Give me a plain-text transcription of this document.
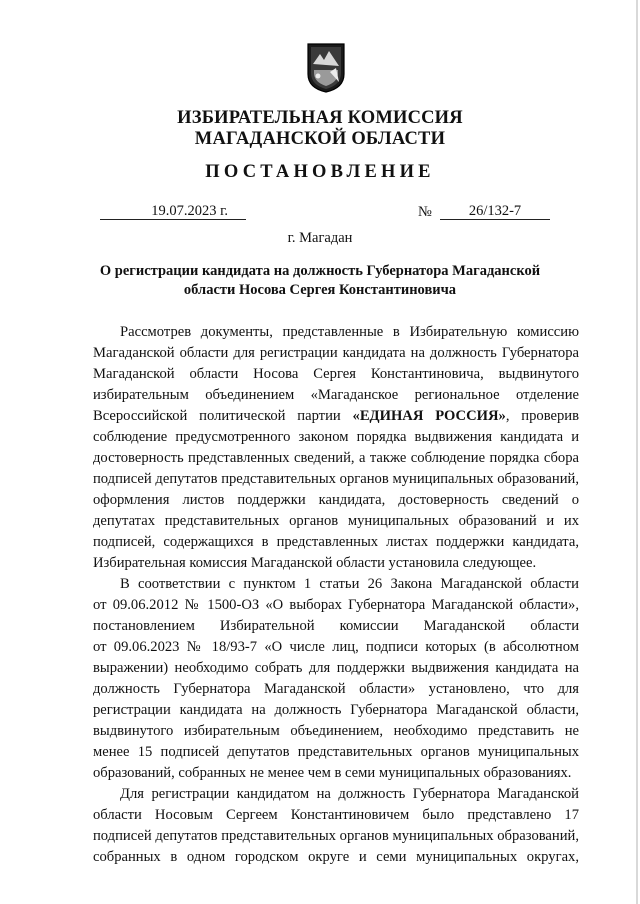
ИЗБИРАТЕЛЬНАЯ КОМИССИЯ
МАГАДАНСКОЙ ОБЛАСТИ
ПОСТАНОВЛЕНИЕ
19.07.2023 г.	№	26/132-7
г. Магадан
О регистрации кандидата на должность Губернатора Магаданской
области Носова Сергея Константиновича
Рассмотрев документы, представленные в Избирательную комиссию
Магаданской области для регистрации кандидата на должность Губернатора
Магаданской области Носова Сергея Константиновича, выдвинутого
избирательным объединением «Магаданское региональное отделение
Всероссийской политической партии «ЕДИНАЯ РОССИЯ», проверив
соблюдение предусмотренного законом порядка выдвижения кандидата и
достоверность представленных сведений, а также соблюдение порядка сбора
подписей депутатов представительных органов муниципальных образований,
оформления листов поддержки кандидата, достоверность сведений о
депутатах представительных органов муниципальных образований и их
подписей, содержащихся в представленных листах поддержки кандидата,
Избирательная комиссия Магаданской области установила следующее.
В соответствии с пунктом 1 статьи 26 Закона Магаданской области
от 09.06.2012 № 1500-ОЗ «О выборах Губернатора Магаданской области»,
постановлением Избирательной комиссии Магаданской области
от 09.06.2023 № 18/93-7 «О числе лиц, подписи которых (в абсолютном
выражении) необходимо собрать для поддержки выдвижения кандидата на
должность Губернатора Магаданской области» установлено, что для
регистрации кандидата на должность Губернатора Магаданской области,
выдвинутого избирательным объединением, необходимо представить не
менее 15 подписей депутатов представительных органов муниципальных
образований, собранных не менее чем в семи муниципальных образованиях.
Для регистрации кандидатом на должность Губернатора Магаданской
области Носовым Сергеем Константиновичем было представлено 17
подписей депутатов представительных органов муниципальных образований,
собранных в одном городском округе и семи муниципальных округах,
